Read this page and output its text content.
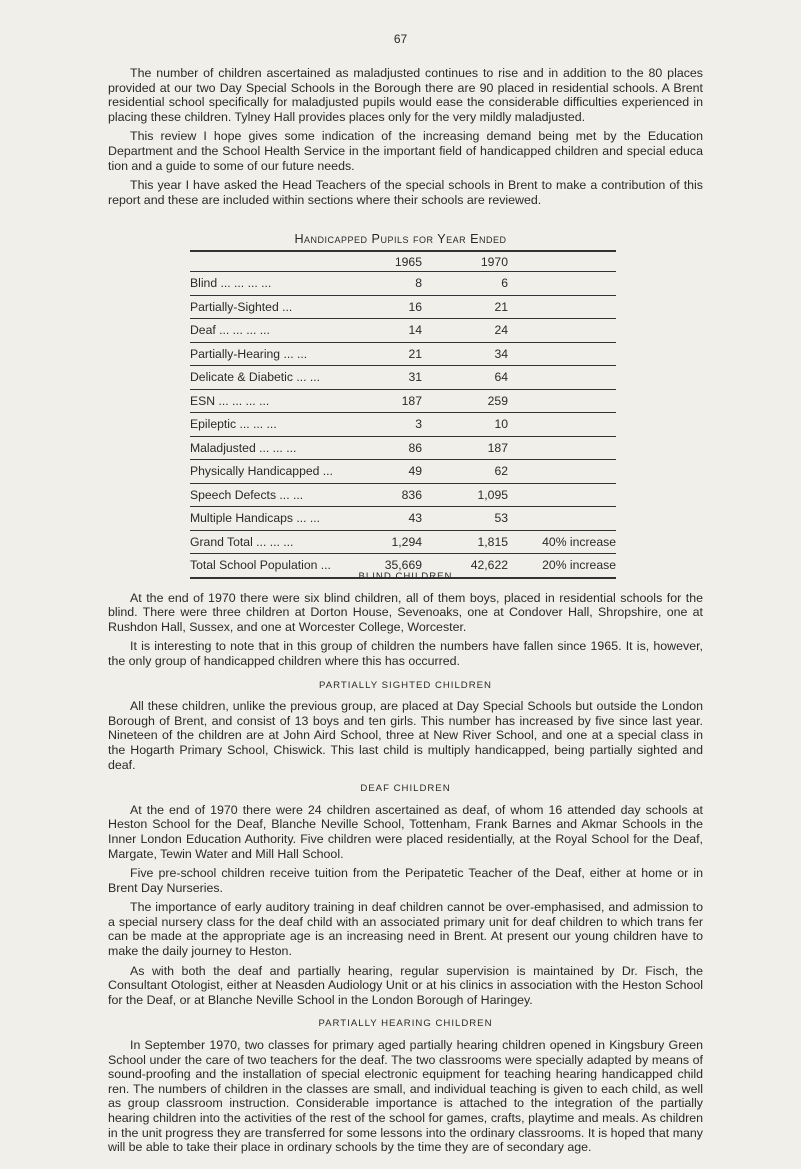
67

The number of children ascertained as maladjusted continues to rise and in addition to the 80 places provided at our two Day Special Schools in the Borough there are 90 placed in residential schools. A Brent residential school specifically for maladjusted pupils would ease the considerable difficulties experienced in placing these children. Tylney Hall provides places only for the very mildly maladjusted.

This review I hope gives some indication of the increasing demand being met by the Education Department and the School Health Service in the important field of handicapped children and special educa tion and a guide to some of our future needs.

This year I have asked the Head Teachers of the special schools in Brent to make a contribution of this report and these are included within sections where their schools are reviewed.

Handicapped Pupils for Year Ended
	1965	1970	
Blind ... ... ... ...	8	6	
Partially-Sighted ...	16	21	
Deaf ... ... ... ...	14	24	
Partially-Hearing ... ...	21	34	
Delicate & Diabetic ... ...	31	64	
ESN ... ... ... ...	187	259	
Epileptic ... ... ...	3	10	
Maladjusted ... ... ...	86	187	
Physically Handicapped ...	49	62	
Speech Defects ... ...	836	1,095	
Multiple Handicaps ... ...	43	53	
Grand Total ... ... ...	1,294	1,815	40% increase
Total School Population ...	35,669	42,622	20% increase
BLIND CHILDREN

At the end of 1970 there were six blind children, all of them boys, placed in residential schools for the blind. There were three children at Dorton House, Sevenoaks, one at Condover Hall, Shropshire, one at Rushdon Hall, Sussex, and one at Worcester College, Worcester.

It is interesting to note that in this group of children the numbers have fallen since 1965. It is, however, the only group of handicapped children where this has occurred.

PARTIALLY SIGHTED CHILDREN

All these children, unlike the previous group, are placed at Day Special Schools but outside the London Borough of Brent, and consist of 13 boys and ten girls. This number has increased by five since last year. Nineteen of the children are at John Aird School, three at New River School, and one at a special class in the Hogarth Primary School, Chiswick. This last child is multiply handicapped, being partially sighted and deaf.

DEAF CHILDREN

At the end of 1970 there were 24 children ascertained as deaf, of whom 16 attended day schools at Heston School for the Deaf, Blanche Neville School, Tottenham, Frank Barnes and Akmar Schools in the Inner London Education Authority. Five children were placed residentially, at the Royal School for the Deaf, Margate, Tewin Water and Mill Hall School.

Five pre-school children receive tuition from the Peripatetic Teacher of the Deaf, either at home or in Brent Day Nurseries.

The importance of early auditory training in deaf children cannot be over-emphasised, and admission to a special nursery class for the deaf child with an associated primary unit for deaf children to which trans fer can be made at the appropriate age is an increasing need in Brent. At present our young children have to make the daily journey to Heston.

As with both the deaf and partially hearing, regular supervision is maintained by Dr. Fisch, the Consultant Otologist, either at Neasden Audiology Unit or at his clinics in association with the Heston School for the Deaf, or at Blanche Neville School in the London Borough of Haringey.

PARTIALLY HEARING CHILDREN

In September 1970, two classes for primary aged partially hearing children opened in Kingsbury Green School under the care of two teachers for the deaf. The two classrooms were specially adapted by means of sound-proofing and the installation of special electronic equipment for teaching hearing handicapped child ren. The numbers of children in the classes are small, and individual teaching is given to each child, as well as group classroom instruction. Considerable importance is attached to the integration of the partially hearing children into the activities of the rest of the school for games, crafts, playtime and meals. As children in the unit progress they are transferred for some lessons into the ordinary classrooms. It is hoped that many will be able to take their place in ordinary schools by the time they are of secondary age.
